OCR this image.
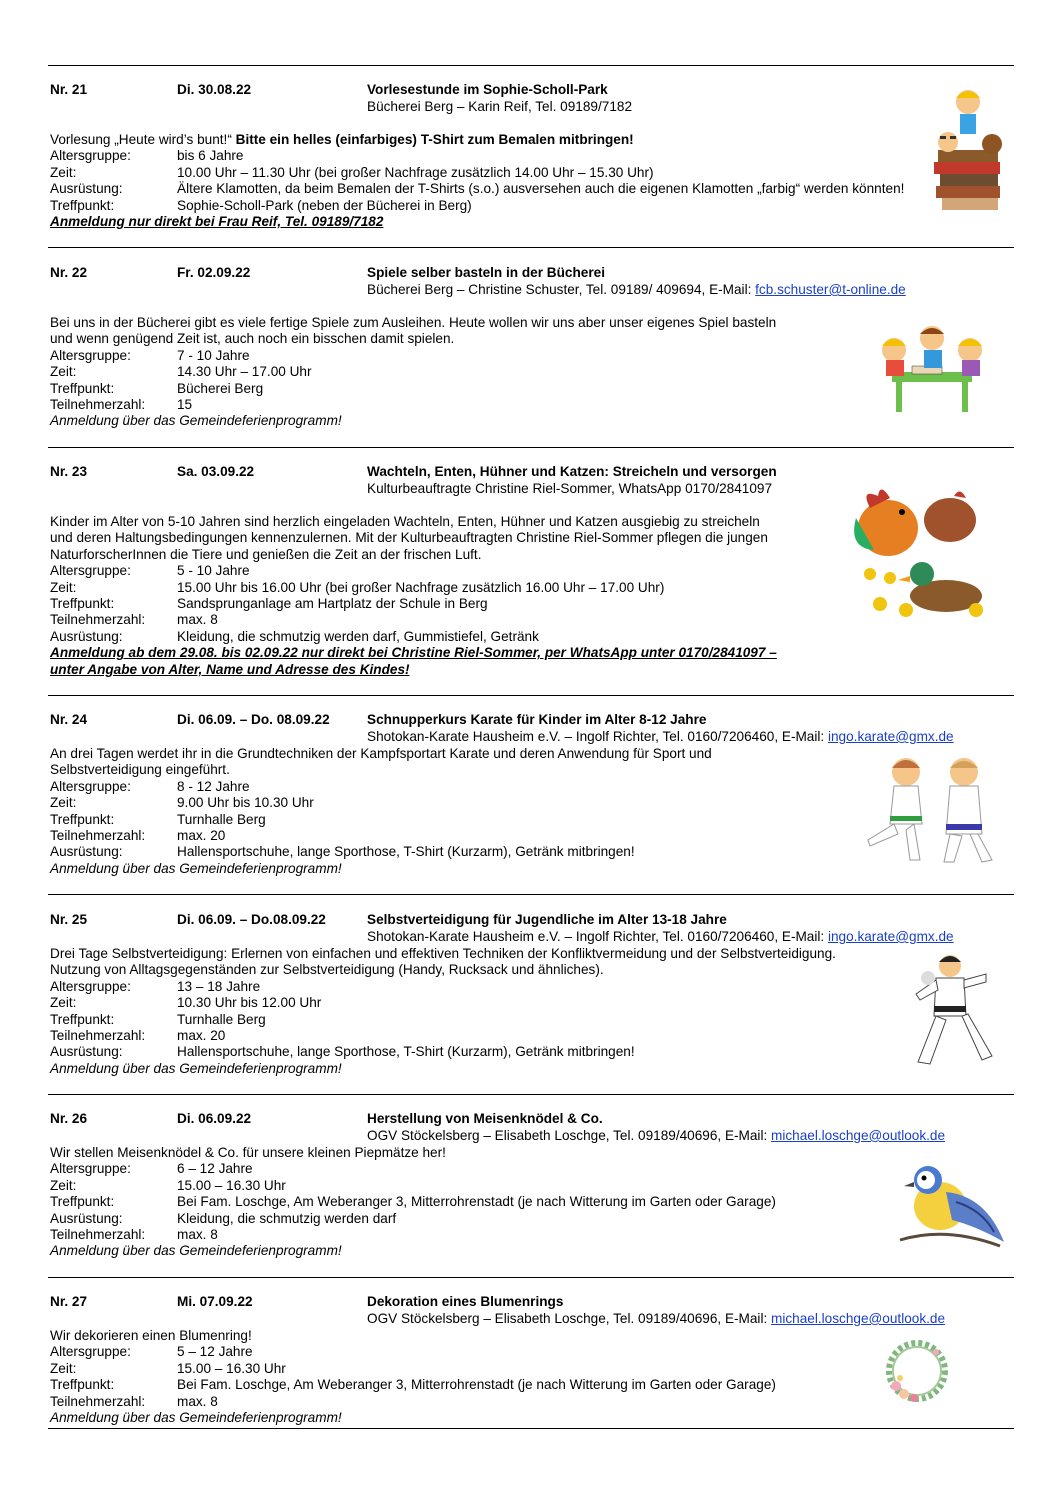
Nr. 21	Di. 30.08.22	Vorlesestunde im Sophie-Scholl-Park
Bücherei Berg – Karin Reif, Tel. 09189/7182
Vorlesung „Heute wird’s bunt!“ Bitte ein helles (einfarbiges) T-Shirt zum Bemalen mitbringen!
Altersgruppe:	bis 6 Jahre
Zeit:	10.00 Uhr – 11.30 Uhr (bei großer Nachfrage zusätzlich 14.00 Uhr – 15.30 Uhr)
Ausrüstung:	Ältere Klamotten, da beim Bemalen der T-Shirts (s.o.) ausversehen auch die eigenen Klamotten „farbig“ werden könnten!
Treffpunkt:	Sophie-Scholl-Park (neben der Bücherei in Berg)
Anmeldung nur direkt bei Frau Reif, Tel. 09189/7182
Nr. 22	Fr. 02.09.22	Spiele selber basteln in der Bücherei
Bücherei Berg – Christine Schuster, Tel. 09189/ 409694, E-Mail: fcb.schuster@t-online.de
Bei uns in der Bücherei gibt es viele fertige Spiele zum Ausleihen. Heute wollen wir uns aber unser eigenes Spiel basteln
und wenn genügend Zeit ist, auch noch ein bisschen damit spielen.
Altersgruppe:	7 - 10 Jahre
Zeit:	14.30 Uhr – 17.00 Uhr
Treffpunkt:	Bücherei Berg
Teilnehmerzahl:	15
Anmeldung über das Gemeindeferienprogramm!
Nr. 23	Sa. 03.09.22	Wachteln, Enten, Hühner und Katzen: Streicheln und versorgen
Kulturbeauftragte Christine Riel-Sommer, WhatsApp 0170/2841097
Kinder im Alter von 5-10 Jahren sind herzlich eingeladen Wachteln, Enten, Hühner und Katzen ausgiebig zu streicheln
und deren Haltungsbedingungen kennenzulernen. Mit der Kulturbeauftragten Christine Riel-Sommer pflegen die jungen
NaturforscherInnen die Tiere und genießen die Zeit an der frischen Luft.
Altersgruppe:	5 - 10 Jahre
Zeit:	15.00 Uhr bis 16.00 Uhr (bei großer Nachfrage zusätzlich 16.00 Uhr – 17.00 Uhr)
Treffpunkt:	Sandsprunganlage am Hartplatz der Schule in Berg
Teilnehmerzahl:	max. 8
Ausrüstung:	Kleidung, die schmutzig werden darf, Gummistiefel, Getränk
Anmeldung ab dem 29.08. bis 02.09.22 nur direkt bei Christine Riel-Sommer, per WhatsApp unter 0170/2841097 –
unter Angabe von Alter, Name und Adresse des Kindes!
Nr. 24	Di. 06.09. – Do. 08.09.22	Schnupperkurs Karate für Kinder im Alter 8-12 Jahre
Shotokan-Karate Hausheim e.V. – Ingolf Richter, Tel. 0160/7206460, E-Mail: ingo.karate@gmx.de
An drei Tagen werdet ihr in die Grundtechniken der Kampfsportart Karate und deren Anwendung für Sport und
Selbstverteidigung eingeführt.
Altersgruppe:	8 - 12 Jahre
Zeit:	9.00 Uhr bis 10.30 Uhr
Treffpunkt:	Turnhalle Berg
Teilnehmerzahl:	max. 20
Ausrüstung:	Hallensportschuhe, lange Sporthose, T-Shirt (Kurzarm), Getränk mitbringen!
Anmeldung über das Gemeindeferienprogramm!
Nr. 25	Di. 06.09. – Do.08.09.22	Selbstverteidigung für Jugendliche im Alter 13-18 Jahre
Shotokan-Karate Hausheim e.V. – Ingolf Richter, Tel. 0160/7206460, E-Mail: ingo.karate@gmx.de
Drei Tage Selbstverteidigung: Erlernen von einfachen und effektiven Techniken der Konfliktvermeidung und der Selbstverteidigung.
Nutzung von Alltagsgegenständen zur Selbstverteidigung (Handy, Rucksack und ähnliches).
Altersgruppe:	13 – 18 Jahre
Zeit:	10.30 Uhr bis 12.00 Uhr
Treffpunkt:	Turnhalle Berg
Teilnehmerzahl:	max. 20
Ausrüstung:	Hallensportschuhe, lange Sporthose, T-Shirt (Kurzarm), Getränk mitbringen!
Anmeldung über das Gemeindeferienprogramm!
Nr. 26	Di. 06.09.22	Herstellung von Meisenknödel & Co.
OGV Stöckelsberg – Elisabeth Loschge, Tel. 09189/40696, E-Mail: michael.loschge@outlook.de
Wir stellen Meisenknödel & Co. für unsere kleinen Piepmätze her!
Altersgruppe:	6 – 12 Jahre
Zeit:	15.00 – 16.30 Uhr
Treffpunkt:	Bei Fam. Loschge, Am Weberanger 3, Mitterrohrenstadt (je nach Witterung im Garten oder Garage)
Ausrüstung:	Kleidung, die schmutzig werden darf
Teilnehmerzahl:	max. 8
Anmeldung über das Gemeindeferienprogramm!
Nr. 27	Mi. 07.09.22	Dekoration eines Blumenrings
OGV Stöckelsberg – Elisabeth Loschge, Tel. 09189/40696, E-Mail: michael.loschge@outlook.de
Wir dekorieren einen Blumenring!
Altersgruppe:	5 – 12 Jahre
Zeit:	15.00 – 16.30 Uhr
Treffpunkt:	Bei Fam. Loschge, Am Weberanger 3, Mitterrohrenstadt (je nach Witterung im Garten oder Garage)
Teilnehmerzahl:	max. 8
Anmeldung über das Gemeindeferienprogramm!
